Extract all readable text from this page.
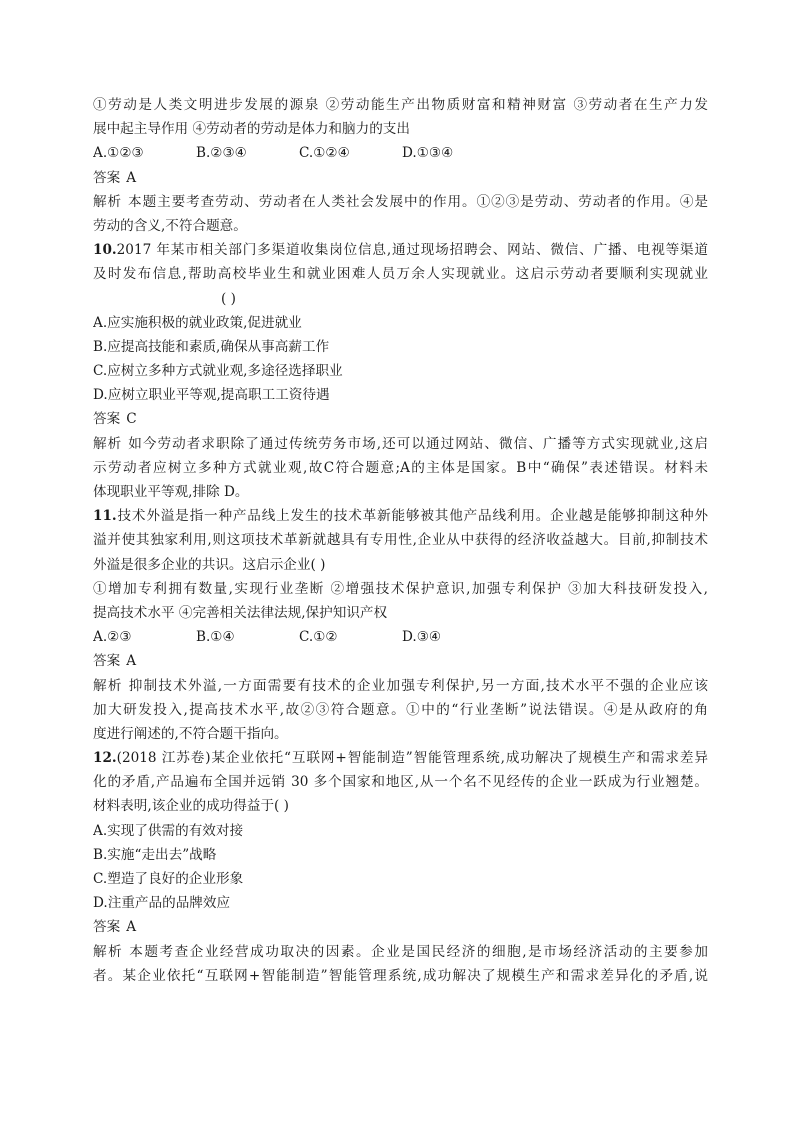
①劳动是人类文明进步发展的源泉 ②劳动能生产出物质财富和精神财富 ③劳动者在生产力发
展中起主导作用 ④劳动者的劳动是体力和脑力的支出
A.①②③	B.②③④	C.①②④	D.①③④
答案 A
解析 本题主要考查劳动、劳动者在人类社会发展中的作用。①②③是劳动、劳动者的作用。④是
劳动的含义,不符合题意。
10.2017 年某市相关部门多渠道收集岗位信息,通过现场招聘会、网站、微信、广播、电视等渠道
及时发布信息,帮助高校毕业生和就业困难人员万余人实现就业。这启示劳动者要顺利实现就业
( )
A.应实施积极的就业政策,促进就业
B.应提高技能和素质,确保从事高薪工作
C.应树立多种方式就业观,多途径选择职业
D.应树立职业平等观,提高职工工资待遇
答案 C
解析 如今劳动者求职除了通过传统劳务市场,还可以通过网站、微信、广播等方式实现就业,这启
示劳动者应树立多种方式就业观,故C符合题意;A的主体是国家。B中“确保”表述错误。材料未
体现职业平等观,排除 D。
11.技术外溢是指一种产品线上发生的技术革新能够被其他产品线利用。企业越是能够抑制这种外
溢并使其独家利用,则这项技术革新就越具有专用性,企业从中获得的经济收益越大。目前,抑制技术
外溢是很多企业的共识。这启示企业( )
①增加专利拥有数量,实现行业垄断 ②增强技术保护意识,加强专利保护 ③加大科技研发投入,
提高技术水平 ④完善相关法律法规,保护知识产权
A.②③	B.①④	C.①②	D.③④
答案 A
解析 抑制技术外溢,一方面需要有技术的企业加强专利保护,另一方面,技术水平不强的企业应该
加大研发投入,提高技术水平,故②③符合题意。①中的“行业垄断”说法错误。④是从政府的角
度进行阐述的,不符合题干指向。
12.(2018 江苏卷)某企业依托“互联网+智能制造”智能管理系统,成功解决了规模生产和需求差异
化的矛盾,产品遍布全国并远销 30 多个国家和地区,从一个名不见经传的企业一跃成为行业翘楚。
材料表明,该企业的成功得益于( )
A.实现了供需的有效对接
B.实施“走出去”战略
C.塑造了良好的企业形象
D.注重产品的品牌效应
答案 A
解析 本题考查企业经营成功取决的因素。企业是国民经济的细胞,是市场经济活动的主要参加
者。某企业依托“互联网+智能制造”智能管理系统,成功解决了规模生产和需求差异化的矛盾,说
